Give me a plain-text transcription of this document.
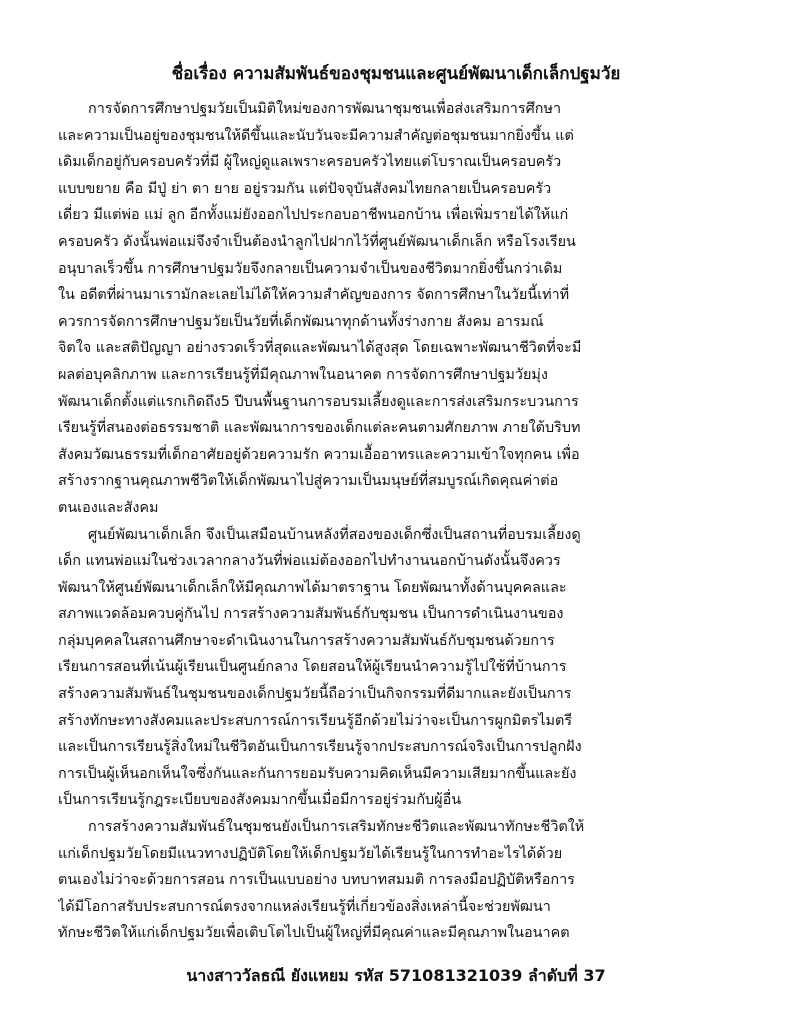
ชื่อเรื่อง ความสัมพันธ์ของชุมชนและศูนย์พัฒนาเด็กเล็กปฐมวัย
การจัดการศึกษาปฐมวัยเป็นมิติใหม่ของการพัฒนาชุมชนเพื่อส่งเสริมการศึกษา
และความเป็นอยู่ของชุมชนให้ดีขึ้นและนับวันจะมีความสำคัญต่อชุมชนมากยิ่งขึ้น แต่
เดิมเด็กอยู่กับครอบครัวที่มี ผู้ใหญ่ดูแลเพราะครอบครัวไทยแต่โบราณเป็นครอบครัว
แบบขยาย คือ มีปู่ ย่า ตา ยาย อยู่รวมกัน แต่ปัจจุบันสังคมไทยกลายเป็นครอบครัว
เดี่ยว มีแต่พ่อ แม่ ลูก อีกทั้งแม่ยังออกไปประกอบอาชีพนอกบ้าน เพื่อเพิ่มรายได้ให้แก่
ครอบครัว ดังนั้นพ่อแม่จึงจำเป็นต้องนำลูกไปฝากไว้ที่ศูนย์พัฒนาเด็กเล็ก หรือโรงเรียน
อนุบาลเร็วขึ้น การศึกษาปฐมวัยจึงกลายเป็นความจำเป็นของชีวิตมากยิ่งขึ้นกว่าเดิม
ใน อดีตที่ผ่านมาเรามักละเลยไม่ได้ให้ความสำคัญของการ จัดการศึกษาในวัยนี้เท่าที่
ควรการจัดการศึกษาปฐมวัยเป็นวัยที่เด็กพัฒนาทุกด้านทั้งร่างกาย สังคม อารมณ์
จิตใจ และสติปัญญา อย่างรวดเร็วที่สุดและพัฒนาได้สูงสุด โดยเฉพาะพัฒนาชีวิตที่จะมี
ผลต่อบุคลิกภาพ และการเรียนรู้ที่มีคุณภาพในอนาคต การจัดการศึกษาปฐมวัยมุ่ง
พัฒนาเด็กตั้งแต่แรกเกิดถึง5 ปีบนพื้นฐานการอบรมเลี้ยงดูและการส่งเสริมกระบวนการ
เรียนรู้ที่สนองต่อธรรมชาติ และพัฒนาการของเด็กแต่ละคนตามศักยภาพ ภายใต้บริบท
สังคมวัฒนธรรมที่เด็กอาศัยอยู่ด้วยความรัก ความเอื้ออาทรและความเข้าใจทุกคน เพื่อ
สร้างรากฐานคุณภาพชีวิตให้เด็กพัฒนาไปสู่ความเป็นมนุษย์ที่สมบูรณ์เกิดคุณค่าต่อ
ตนเองและสังคม
ศูนย์พัฒนาเด็กเล็ก จึงเป็นเสมือนบ้านหลังที่สองของเด็กซึ่งเป็นสถานที่อบรมเลี้ยงดู
เด็ก แทนพ่อแม่ในช่วงเวลากลางวันที่พ่อแม่ต้องออกไปทำงานนอกบ้านดังนั้นจึงควร
พัฒนาให้ศูนย์พัฒนาเด็กเล็กให้มีคุณภาพได้มาตราฐาน โดยพัฒนาทั้งด้านบุคคลและ
สภาพแวดล้อมควบคู่กันไป การสร้างความสัมพันธ์กับชุมชน เป็นการดำเนินงานของ
กลุ่มบุคคลในสถานศึกษาจะดำเนินงานในการสร้างความสัมพันธ์กับชุมชนด้วยการ
เรียนการสอนที่เน้นผู้เรียนเป็นศูนย์กลาง โดยสอนให้ผู้เรียนนำความรู้ไปใช้ที่บ้านการ
สร้างความสัมพันธ์ในชุมชนของเด็กปฐมวัยนี้ถือว่าเป็นกิจกรรมที่ดีมากและยังเป็นการ
สร้างทักษะทางสังคมและประสบการณ์การเรียนรู้อีกด้วยไม่ว่าจะเป็นการผูกมิตรไมตรี
และเป็นการเรียนรู้สิ่งใหม่ในชีวิตอันเป็นการเรียนรู้จากประสบการณ์จริงเป็นการปลูกฝัง
การเป็นผู้เห็นอกเห็นใจซึ่งกันและกันการยอมรับความคิดเห็นมีความเสียมากขึ้นและยัง
เป็นการเรียนรู้กฎระเบียบของสังคมมากขึ้นเมื่อมีการอยู่ร่วมกับผู้อื่น
การสร้างความสัมพันธ์ในชุมชนยังเป็นการเสริมทักษะชีวิตและพัฒนาทักษะชีวิตให้
แก่เด็กปฐมวัยโดยมีแนวทางปฏิบัติโดยให้เด็กปฐมวัยได้เรียนรู้ในการทำอะไรได้ด้วย
ตนเองไม่ว่าจะด้วยการสอน การเป็นแบบอย่าง บทบาทสมมติ การลงมือปฏิบัติหรือการ
ได้มีโอกาสรับประสบการณ์ตรงจากแหล่งเรียนรู้ที่เกี่ยวข้องสิ่งเหล่านี้จะช่วยพัฒนา
ทักษะชีวิตให้แก่เด็กปฐมวัยเพื่อเติบโตไปเป็นผู้ใหญ่ที่มีคุณค่าและมีคุณภาพในอนาคต
นางสาววัลธณี ยังแหยม รหัส 571081321039 ลำดับที่ 37
